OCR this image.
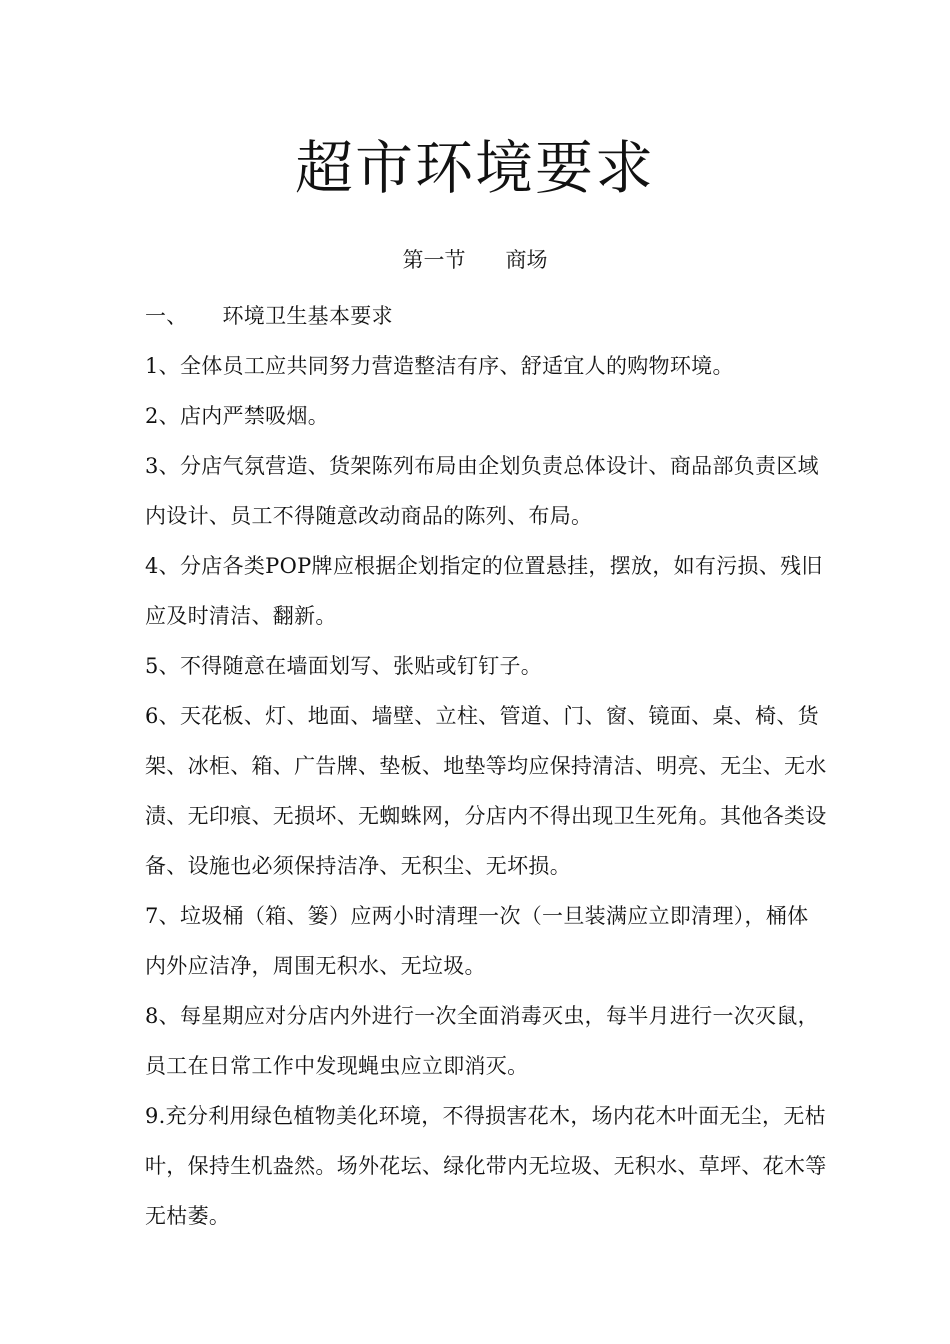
超市环境要求
第一节      商场

一、     环境卫生基本要求

1、全体员工应共同努力营造整洁有序、舒适宜人的购物环境。

2、店内严禁吸烟。

3、分店气氛营造、货架陈列布局由企划负责总体设计、商品部负责区域内设计、员工不得随意改动商品的陈列、布局。

4、分店各类POP牌应根据企划指定的位置悬挂，摆放，如有污损、残旧应及时清洁、翻新。

5、不得随意在墙面划写、张贴或钉钉子。

6、天花板、灯、地面、墙壁、立柱、管道、门、窗、镜面、桌、椅、货架、冰柜、箱、广告牌、垫板、地垫等均应保持清洁、明亮、无尘、无水渍、无印痕、无损坏、无蜘蛛网，分店内不得出现卫生死角。其他各类设备、设施也必须保持洁净、无积尘、无坏损。

7、垃圾桶（箱、篓）应两小时清理一次（一旦装满应立即清理），桶体内外应洁净，周围无积水、无垃圾。

8、每星期应对分店内外进行一次全面消毒灭虫，每半月进行一次灭鼠，员工在日常工作中发现蝇虫应立即消灭。

9.充分利用绿色植物美化环境，不得损害花木，场内花木叶面无尘，无枯叶，保持生机盎然。场外花坛、绿化带内无垃圾、无积水、草坪、花木等无枯萎。
